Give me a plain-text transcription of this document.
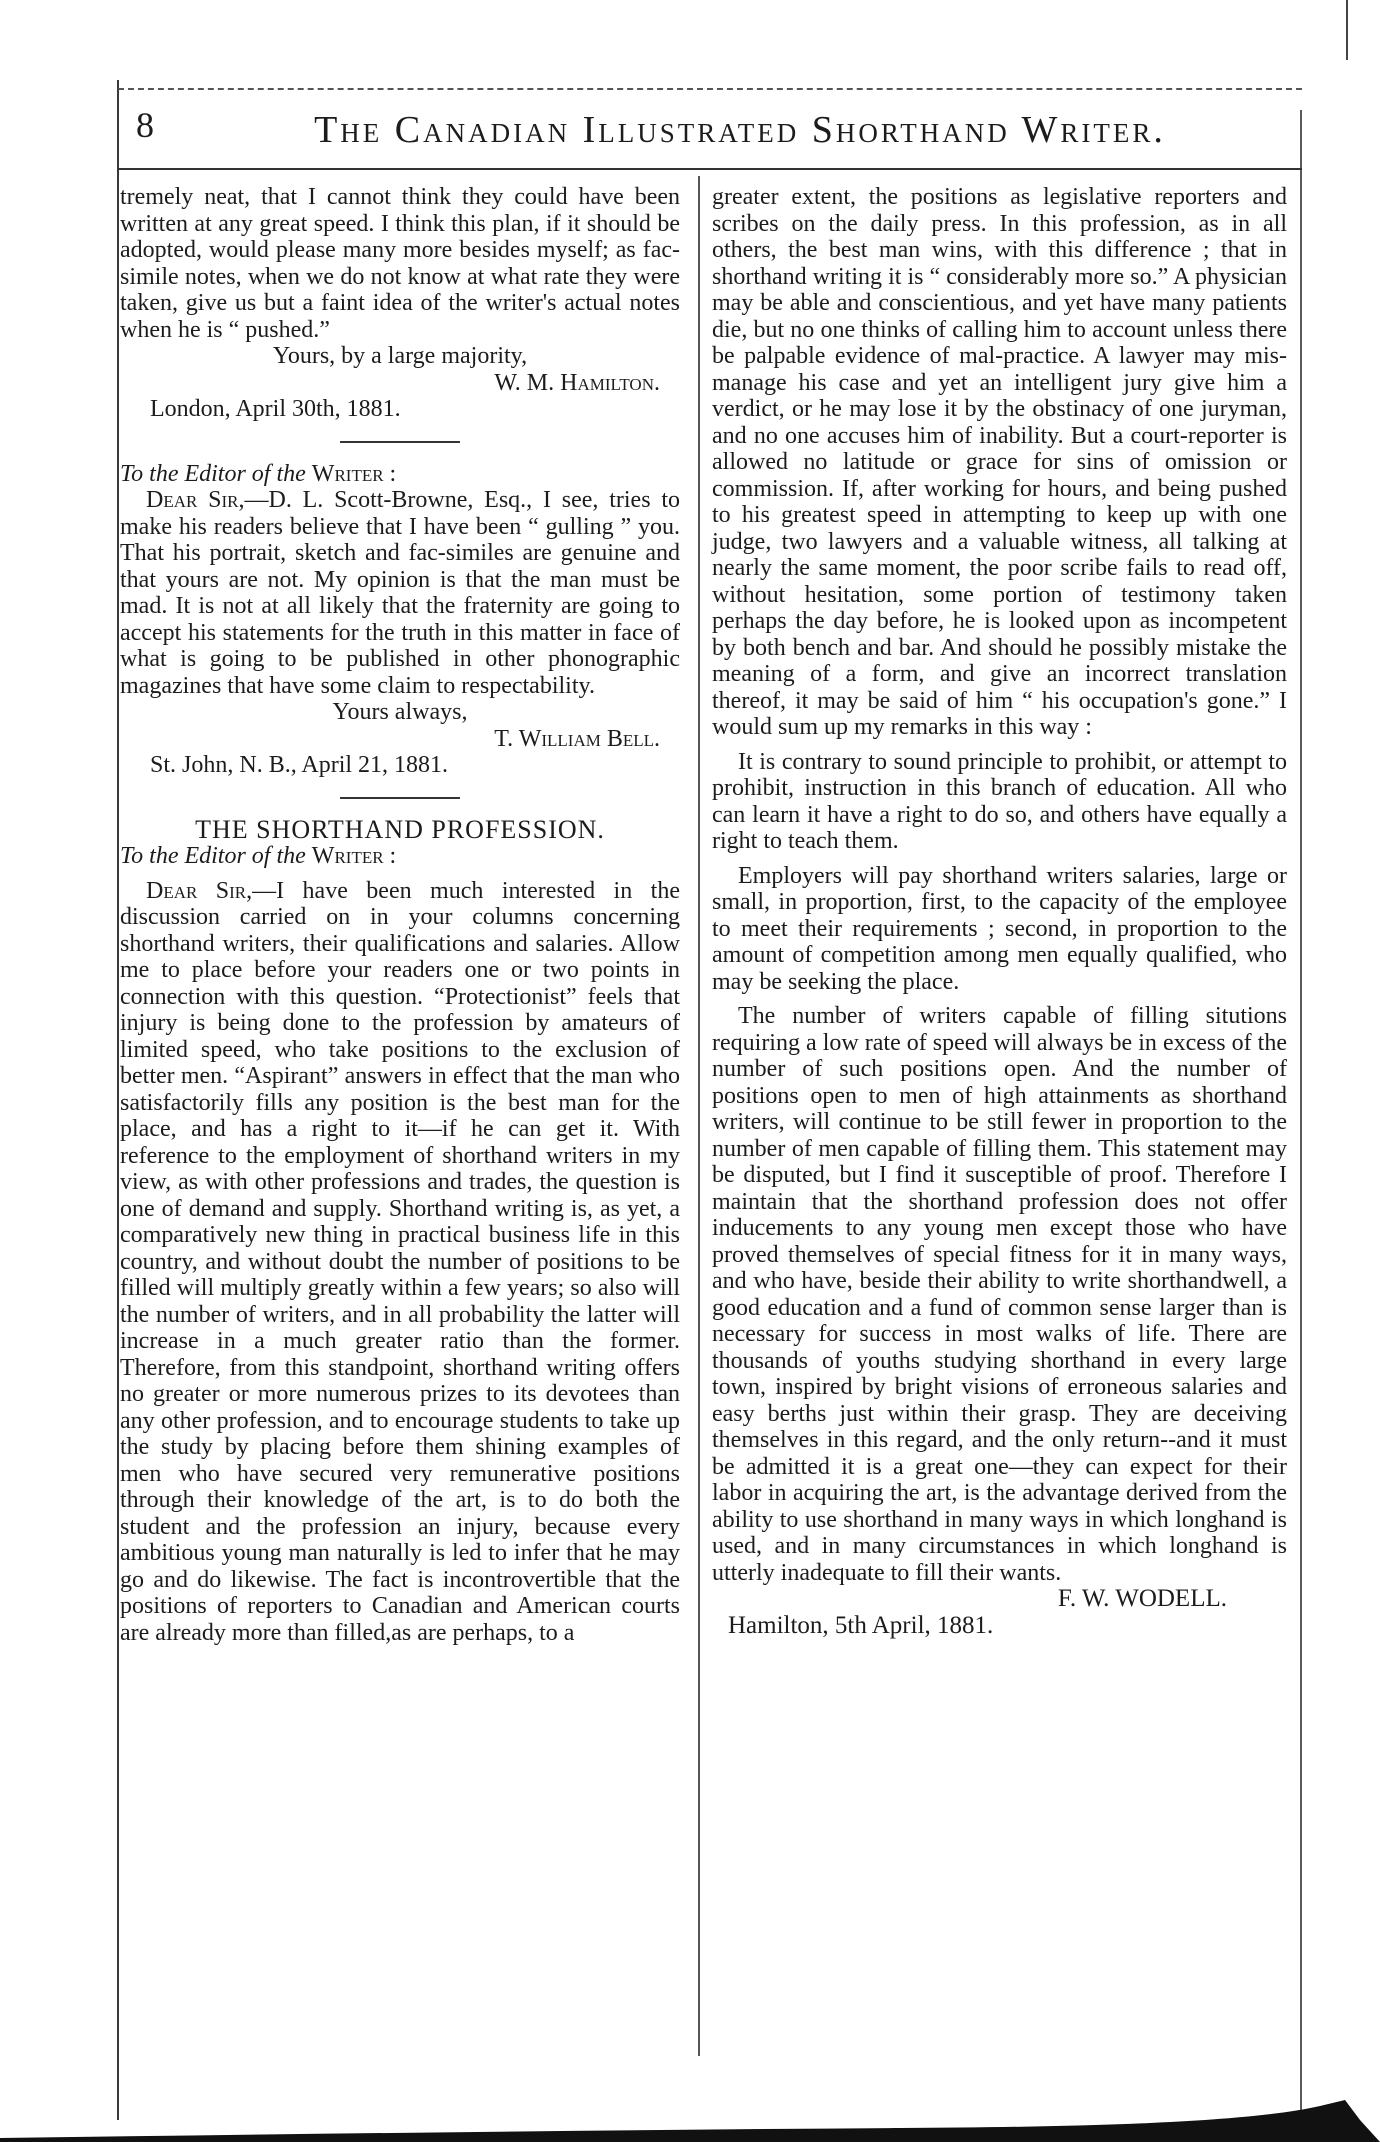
8	The Canadian Illustrated Shorthand Writer.

tremely neat, that I cannot think they could have been written at any great speed. I think this plan, if it should be adopted, would please many more besides myself; as fac-simile notes, when we do not know at what rate they were taken, give us but a faint idea of the writer's actual notes when he is “ pushed.”

Yours, by a large majority,

W. M. Hamilton.

London, April 30th, 1881.

To the Editor of the Writer :

Dear Sir,—D. L. Scott-Browne, Esq., I see, tries to make his readers believe that I have been “ gulling ” you. That his portrait, sketch and fac-similes are genuine and that yours are not. My opinion is that the man must be mad. It is not at all likely that the fraternity are going to accept his statements for the truth in this matter in face of what is going to be published in other phonographic magazines that have some claim to respectability.

Yours always,

T. William Bell.

St. John, N. B., April 21, 1881.

THE SHORTHAND PROFESSION.

To the Editor of the Writer :

Dear Sir,—I have been much interested in the discussion carried on in your columns concerning shorthand writers, their qualifications and salaries. Allow me to place before your readers one or two points in connection with this question. “Protectionist” feels that injury is being done to the profession by amateurs of limited speed, who take positions to the exclusion of better men. “Aspirant” answers in effect that the man who satisfactorily fills any position is the best man for the place, and has a right to it—if he can get it. With reference to the employment of shorthand writers in my view, as with other professions and trades, the question is one of demand and supply. Shorthand writing is, as yet, a comparatively new thing in practical business life in this country, and without doubt the number of positions to be filled will multiply greatly within a few years; so also will the number of writers, and in all probability the latter will increase in a much greater ratio than the former. Therefore, from this standpoint, shorthand writing offers no greater or more numerous prizes to its devotees than any other profession, and to encourage students to take up the study by placing before them shining examples of men who have secured very remunerative positions through their knowledge of the art, is to do both the student and the profession an injury, because every ambitious young man naturally is led to infer that he may go and do likewise. The fact is incontrovertible that the positions of reporters to Canadian and American courts are already more than filled,as are perhaps, to a

greater extent, the positions as legislative reporters and scribes on the daily press. In this profession, as in all others, the best man wins, with this difference ; that in shorthand writing it is “ considerably more so.” A physician may be able and conscientious, and yet have many patients die, but no one thinks of calling him to account unless there be palpable evidence of mal-practice. A lawyer may mis-manage his case and yet an intelligent jury give him a verdict, or he may lose it by the obstinacy of one juryman, and no one accuses him of inability. But a court-reporter is allowed no latitude or grace for sins of omission or commission. If, after working for hours, and being pushed to his greatest speed in attempting to keep up with one judge, two lawyers and a valuable witness, all talking at nearly the same moment, the poor scribe fails to read off, without hesitation, some portion of testimony taken perhaps the day before, he is looked upon as incompetent by both bench and bar. And should he possibly mistake the meaning of a form, and give an incorrect translation thereof, it may be said of him “ his occupation's gone.” I would sum up my remarks in this way :

It is contrary to sound principle to prohibit, or attempt to prohibit, instruction in this branch of education. All who can learn it have a right to do so, and others have equally a right to teach them.

Employers will pay shorthand writers salaries, large or small, in proportion, first, to the capacity of the employee to meet their requirements ; second, in proportion to the amount of competition among men equally qualified, who may be seeking the place.

The number of writers capable of filling situtions requiring a low rate of speed will always be in excess of the number of such positions open. And the number of positions open to men of high attainments as shorthand writers, will continue to be still fewer in proportion to the number of men capable of filling them. This statement may be disputed, but I find it susceptible of proof. Therefore I maintain that the shorthand profession does not offer inducements to any young men except those who have proved themselves of special fitness for it in many ways, and who have, beside their ability to write shorthandwell, a good education and a fund of common sense larger than is necessary for success in most walks of life. There are thousands of youths studying shorthand in every large town, inspired by bright visions of erroneous salaries and easy berths just within their grasp. They are deceiving themselves in this regard, and the only return--and it must be admitted it is a great one—they can expect for their labor in acquiring the art, is the advantage derived from the ability to use shorthand in many ways in which longhand is used, and in many circumstances in which longhand is utterly inadequate to fill their wants.

F. W. WODELL.

Hamilton, 5th April, 1881.
